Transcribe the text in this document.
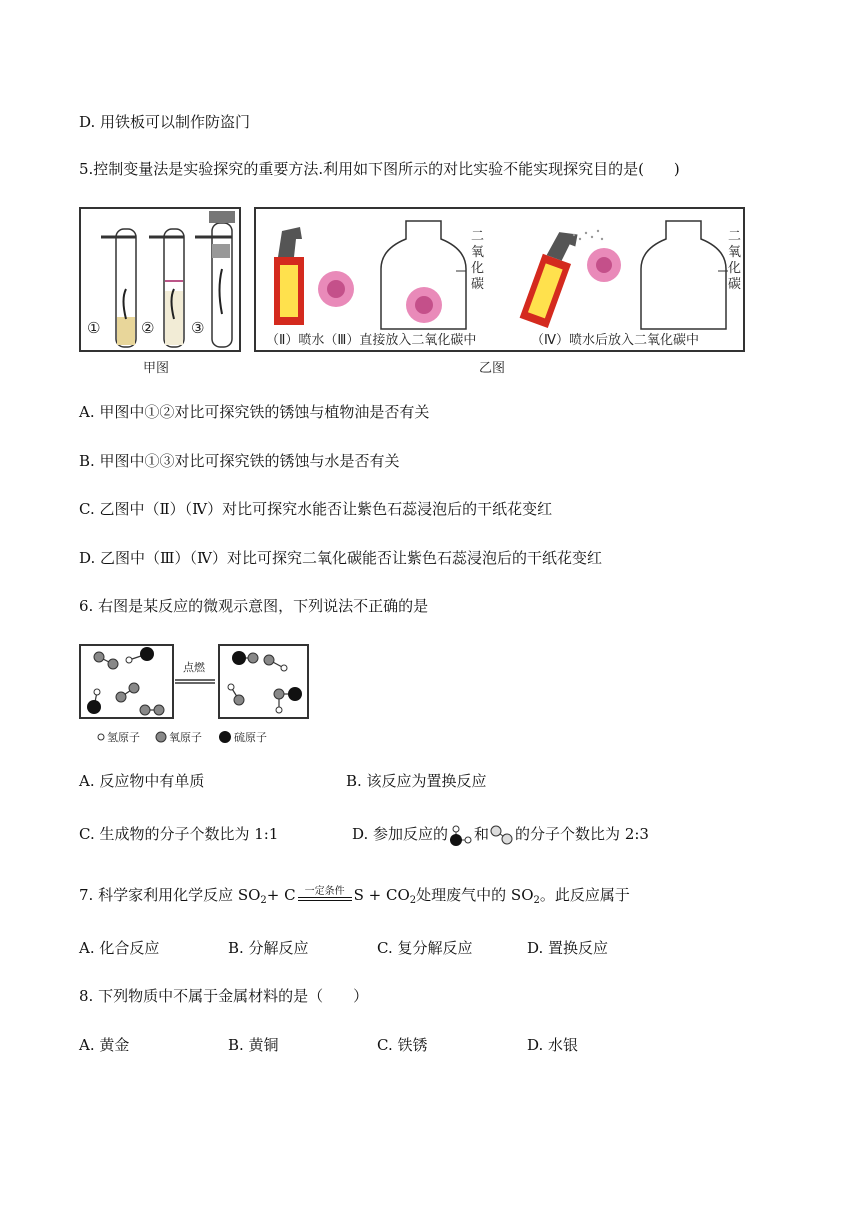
D. 用铁板可以制作防盗门
5.控制变量法是实验探究的重要方法.利用如下图所示的对比实验不能实现探究目的是(　　)
①	② ③
甲图
二氧化碳
二氧化碳
（Ⅱ）喷水（Ⅲ）直接放入二氧化碳中	（Ⅳ）喷水后放入二氧化碳中
乙图
A. 甲图中①②对比可探究铁的锈蚀与植物油是否有关
B. 甲图中①③对比可探究铁的锈蚀与水是否有关
C. 乙图中（Ⅱ）（Ⅳ）对比可探究水能否让紫色石蕊浸泡后的干纸花变红
D. 乙图中（Ⅲ）（Ⅳ）对比可探究二氧化碳能否让紫色石蕊浸泡后的干纸花变红
6. 右图是某反应的微观示意图，下列说法不正确的是
点燃
氢原子	氧原子	硫原子
A. 反应物中有单质	B. 该反应为置换反应
C. 生成物的分子个数比为 1:1	D. 参加反应的 和 的分子个数比为 2:3
7. 科学家利用化学反应 $SO_2+ C$ 一定条件 $S + CO_2$处理废气中的 $SO_2$。此反应属于
A. 化合反应	B. 分解反应	C. 复分解反应	D. 置换反应
8. 下列物质中不属于金属材料的是（　　）
A. 黄金	B. 黄铜	C. 铁锈	D. 水银
